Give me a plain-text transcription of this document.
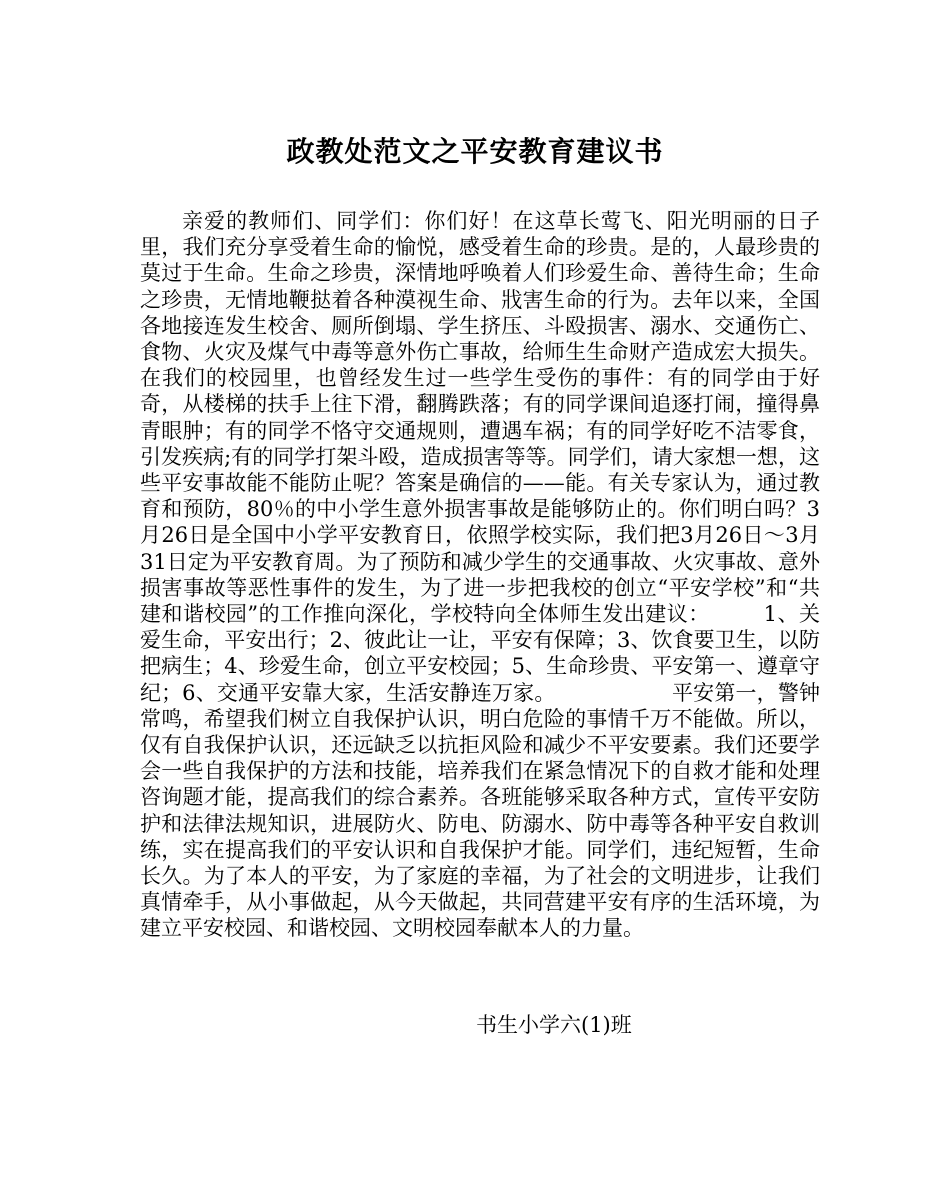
政教处范文之平安教育建议书
亲爱的教师们、同学们：你们好！在这草长莺飞、阳光明丽的日子里，我们充分享受着生命的愉悦，感受着生命的珍贵。是的，人最珍贵的莫过于生命。生命之珍贵，深情地呼唤着人们珍爱生命、善待生命；生命之珍贵，无情地鞭挞着各种漠视生命、戕害生命的行为。去年以来，全国各地接连发生校舍、厕所倒塌、学生挤压、斗殴损害、溺水、交通伤亡、食物、火灾及煤气中毒等意外伤亡事故，给师生生命财产造成宏大损失。在我们的校园里，也曾经发生过一些学生受伤的事件：有的同学由于好奇，从楼梯的扶手上往下滑，翻腾跌落；有的同学课间追逐打闹，撞得鼻青眼肿；有的同学不恪守交通规则，遭遇车祸；有的同学好吃不洁零食，引发疾病;有的同学打架斗殴，造成损害等等。同学们，请大家想一想，这些平安事故能不能防止呢？答案是确信的——能。有关专家认为，通过教育和预防，80％的中小学生意外损害事故是能够防止的。你们明白吗？3月26日是全国中小学平安教育日，依照学校实际，我们把3月26日～3月31日定为平安教育周。为了预防和减少学生的交通事故、火灾事故、意外损害事故等恶性事件的发生，为了进一步把我校的创立“平安学校”和“共建和谐校园”的工作推向深化，学校特向全体师生发出建议：　　　1、关爱生命，平安出行；2、彼此让一让，平安有保障；3、饮食要卫生，以防把病生；4、珍爱生命，创立平安校园；5、生命珍贵、平安第一、遵章守纪；6、交通平安靠大家，生活安静连万家。　　　　　　平安第一，警钟常鸣，希望我们树立自我保护认识，明白危险的事情千万不能做。所以，仅有自我保护认识，还远缺乏以抗拒风险和减少不平安要素。我们还要学会一些自我保护的方法和技能，培养我们在紧急情况下的自救才能和处理咨询题才能，提高我们的综合素养。各班能够采取各种方式，宣传平安防护和法律法规知识，进展防火、防电、防溺水、防中毒等各种平安自救训练，实在提高我们的平安认识和自我保护才能。同学们，违纪短暂，生命长久。为了本人的平安，为了家庭的幸福，为了社会的文明进步，让我们真情牵手，从小事做起，从今天做起，共同营建平安有序的生活环境，为建立平安校园、和谐校园、文明校园奉献本人的力量。
书生小学六(1)班
